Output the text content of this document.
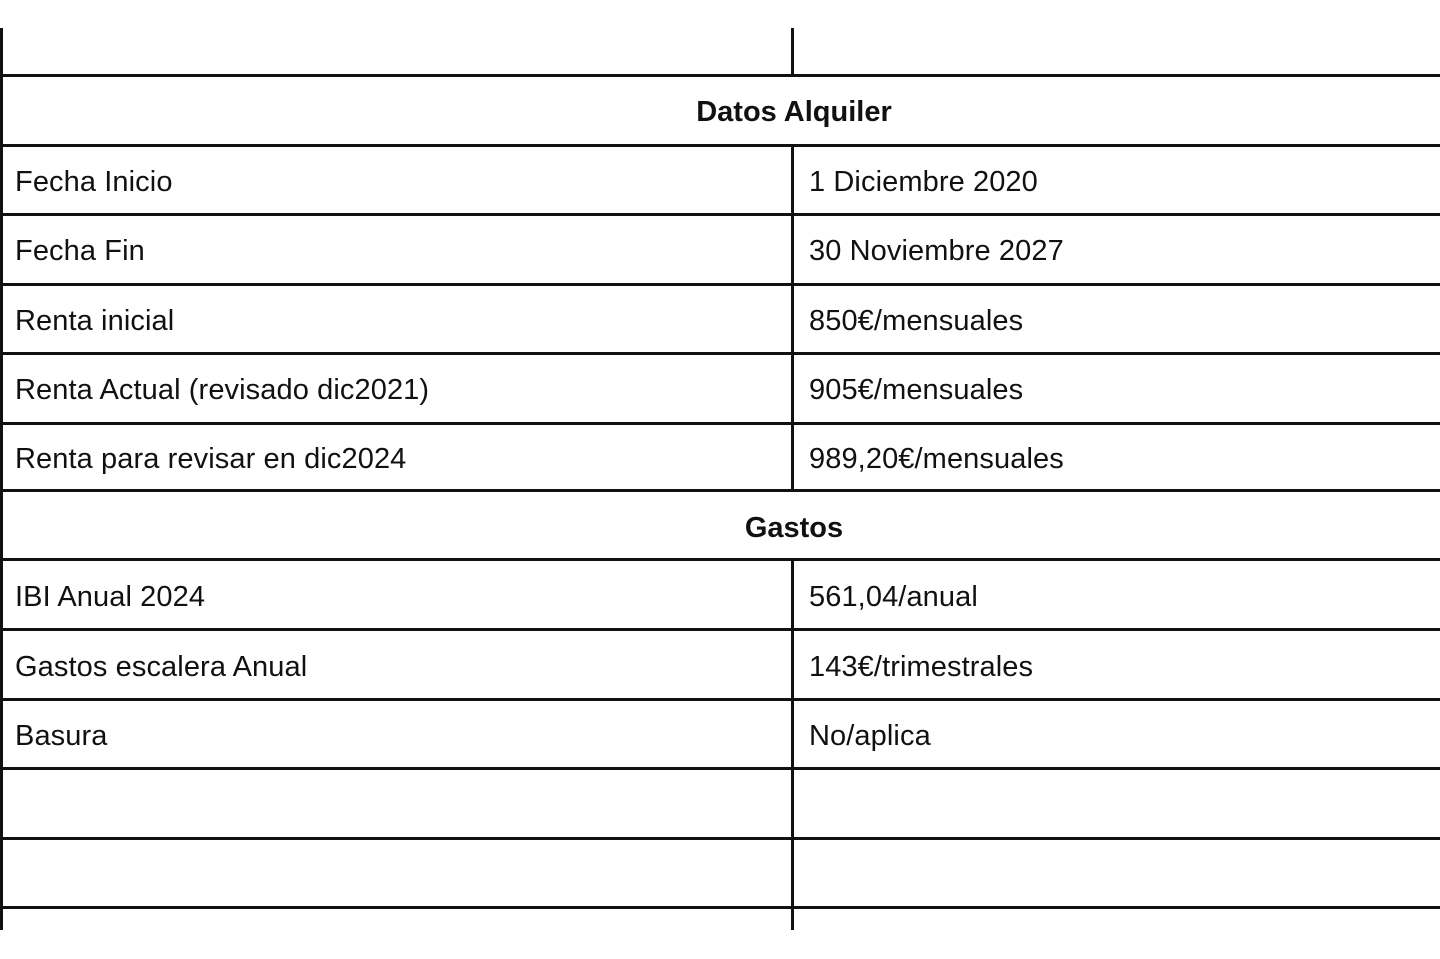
Datos Alquiler
Fecha Inicio	1 Diciembre 2020
Fecha Fin	30 Noviembre 2027
Renta inicial	850€/mensuales
Renta Actual (revisado dic2021)	905€/mensuales
Renta para revisar en dic2024	989,20€/mensuales
Gastos
IBI Anual 2024	561,04/anual
Gastos escalera Anual	143€/trimestrales
Basura	No/aplica
